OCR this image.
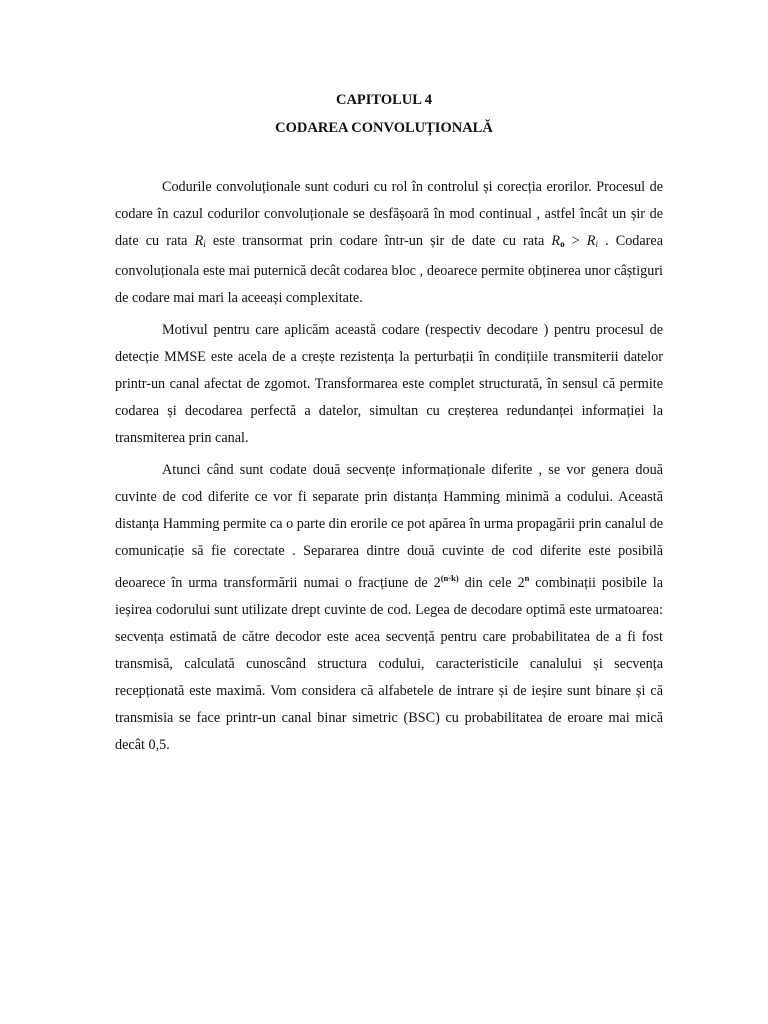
CAPITOLUL 4
CODAREA CONVOLUȚIONALĂ

Codurile convoluționale sunt coduri cu rol în controlul și corecția erorilor. Procesul de codare în cazul codurilor convoluționale se desfășoară în mod continual , astfel încât un șir de date cu rata $R_i$ este transormat prin codare într-un șir de date cu rata $R_o > R_i$ . Codarea convoluționala este mai puternică decât codarea bloc , deoarece permite obținerea unor câștiguri de codare mai mari la aceeași complexitate.

Motivul pentru care aplicăm această codare (respectiv decodare ) pentru procesul de detecție MMSE este acela de a crește rezistența la perturbații în condițiile transmiterii datelor printr-un canal afectat de zgomot. Transformarea este complet structurată, în sensul că permite codarea și decodarea perfectă a datelor, simultan cu creșterea redundanței informației la transmiterea prin canal.

Atunci când sunt codate două secvențe informaționale diferite , se vor genera două cuvinte de cod diferite ce vor fi separate prin distanța Hamming minimă a codului. Această distanța Hamming permite ca o parte din erorile ce pot apărea în urma propagării prin canalul de comunicație să fie corectate . Separarea dintre două cuvinte de cod diferite este posibilă deoarece în urma transformării numai o fracțiune de 2$^{(n-k)}$ din cele 2$^n$ combinații posibile la ieșirea codorului sunt utilizate drept cuvinte de cod. Legea de decodare optimă este urmatoarea: secvența estimată de către decodor este acea secvență pentru care probabilitatea de a fi fost transmisă, calculată cunoscând structura codului, caracteristicile canalului și secvența recepționată este maximă. Vom considera că alfabetele de intrare și de ieșire sunt binare și că transmisia se face printr-un canal binar simetric (BSC) cu probabilitatea de eroare mai mică decât 0,5.
